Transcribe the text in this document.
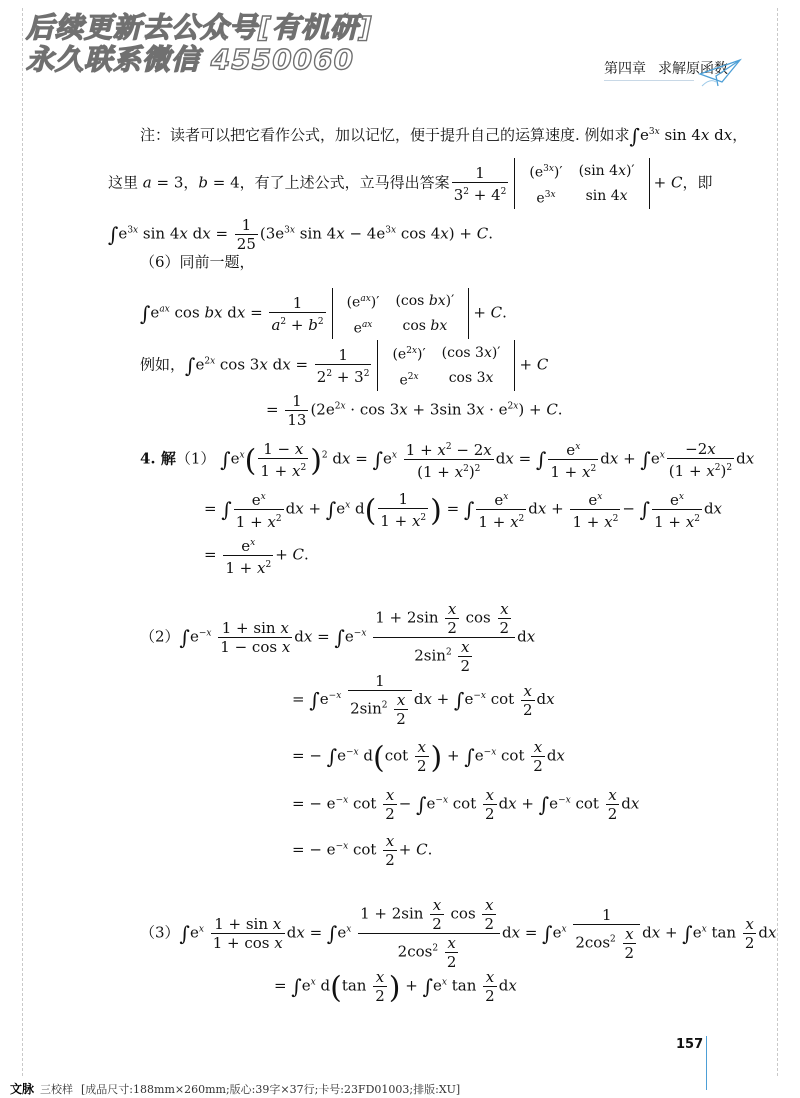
后续更新去公众号[有机研]
永久联系微信 4550060	第四章 求解原函数
注：读者可以把它看作公式，加以记忆，便于提升自己的运算速度. 例如求$\int e^{3x}$ sin 4x dx，
这里 a = 3，b = 4，有了上述公式，立马得出答案 $\frac{1}{3^2 + 4^2} (e^{3x})'$	(sin 4x)′
$e^{3x}$	sin 4x
+ C，即
$\int e^{3x}$ sin 4x dx = $\frac{1}{25} (3e^{3x}$ $\sin 4x - 4e^{3x}$ cos 4x) + C.
（6）同前一题，
$\int e^{ax}$ cos bx dx = $\frac{1}{a^2 + b^2} (e^{ax})'$	(cos bx)′
$e^{ax}$	cos bx
+ C.
例如，$\int e^{2x}$ cos 3x dx = $\frac{1}{2^2 + 3^2} (e^{2x})'$	(cos 3x)′
$e^{2x}$	cos 3x
+ C
= $\frac{1}{13} (2e^{2x} \cdot \cos 3x + 3\sin$ $3x \cdot e^{2x}) + C$.
4. 解（1） $\int e^x( \frac{1 - x}{1 + x^2} )^2$ dx = $\int e^x \frac{1 + x^2 - 2x}{(1 + x^2)^2}$ dx = ∫ $\frac{e^x}{1 + x^2}$ dx + $\int e^x \frac{-2x}{(1 + x^2)^2}$ dx
= ∫ $\frac{e^x}{1 + x^2}$ dx + $\int e^x$ $d( \frac{1}{1 + x^2}$ ) = ∫ $\frac{e^x}{1 + x^2}$ dx + $\frac{e^x}{1 + x^2}$ − ∫ $\frac{e^x}{1 + x^2}$ dx
= $\frac{e^x}{1 + x^2} + C$.
$(2)\int e^{-x} \frac{\text{1 + sin x}}{\text{1 − cos x}}$ dx = $\int e^{-x} \frac{1 + 2\sin \frac{x}{2} \cos \frac{x}{2}}{2\sin^2 \frac{x}{2}}$ dx
= $\int e^{-x} \frac{1}{2\sin^2 \frac{x}{2}}$ dx + $\int e^{-x}$ $\cot \frac{x}{2}$ dx
= − $\int e^{-x}$ $d(\cot \frac{x}{2}$ ) + $\int e^{-x}$ $\cot \frac{x}{2}$ dx
= − $e^{-x}$ $\cot \frac{x}{2} - \int e^{-x}$ $\cot \frac{x}{2}$ dx + $\int e^{-x}$ $\cot \frac{x}{2}$ dx
= − $e^{-x}$ $\cot \frac{x}{2} + C$.
$(3)\int e^x \frac{\text{1 + sin x}}{\text{1 + cos x}}$ dx = $\int e^x \frac{1 + 2\sin \frac{x}{2} \cos \frac{x}{2}}{2\cos^2 \frac{x}{2}}$ dx = $\int e^x \frac{1}{2\cos^2 \frac{x}{2}}$ dx + $\int e^x$ $\tan \frac{x}{2}$ dx
= $\int e^x$ $d(\tan \frac{x}{2}$ ) + $\int e^x$ $\tan \frac{x}{2}$ dx
157
文脉 三校样 [成品尺寸:188mm×260mm;版心:39字×37行;卡号:23FD01003;排版:XU]
